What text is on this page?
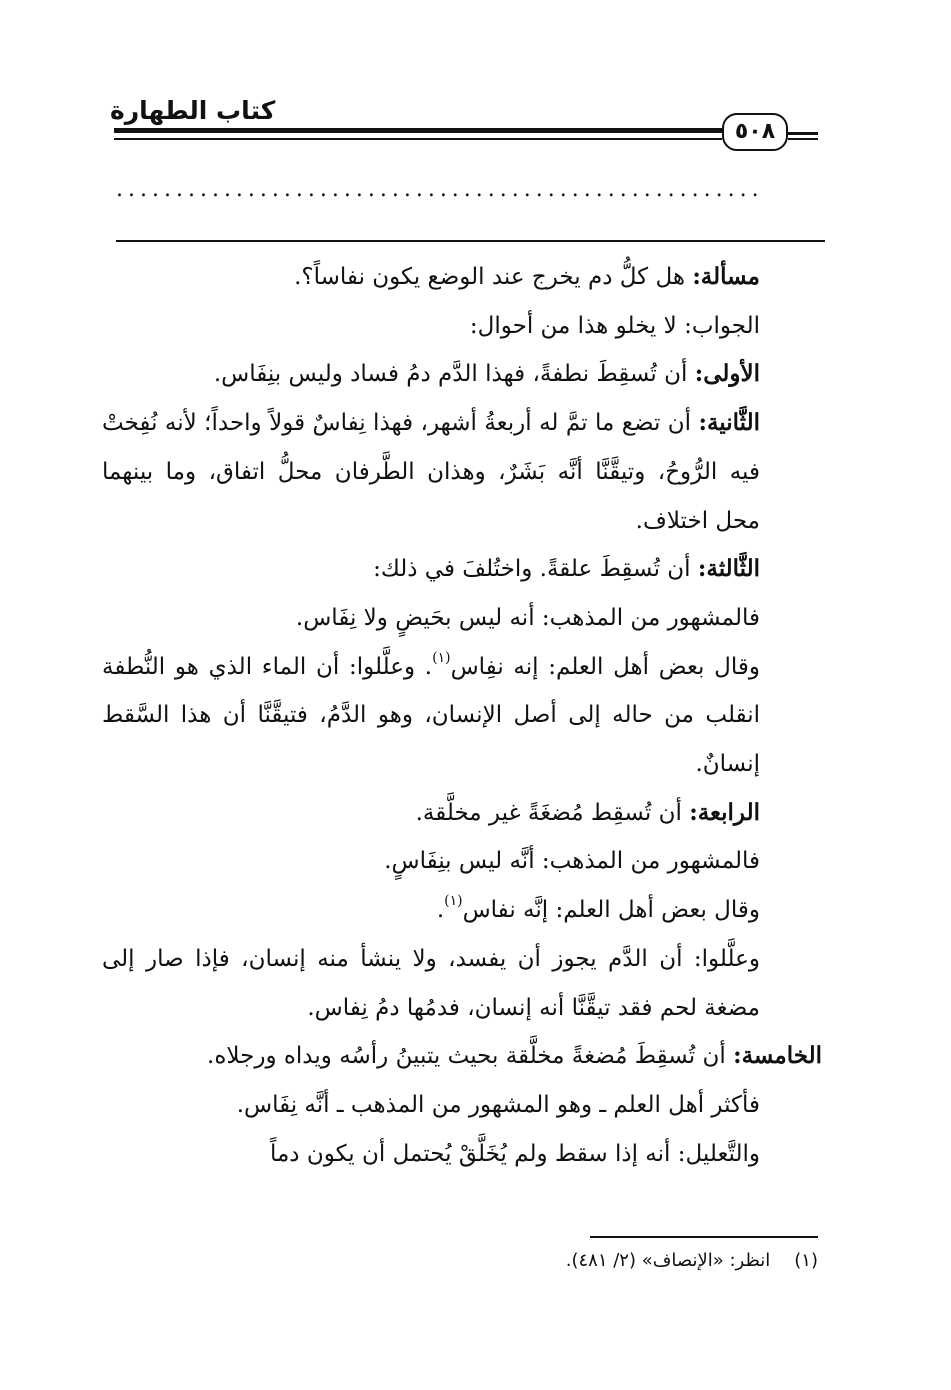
كتاب الطهارة
٥٠٨
......................................................

مسألة: هل كلُّ دم يخرج عند الوضع يكون نفاساً؟.

الجواب: لا يخلو هذا من أحوال:

الأولى: أن تُسقِطَ نطفةً، فهذا الدَّم دمُ فساد وليس بنِفَاس.

الثَّانية: أن تضع ما تمَّ له أربعةُ أشهر، فهذا نِفاسٌ قولاً واحداً؛ لأنه نُفِختْ فيه الرُّوحُ، وتيقَّنَّا أنَّه بَشَرٌ، وهذان الطَّرفان محلُّ اتفاق، وما بينهما محل اختلاف.

الثَّالثة: أن تُسقِطَ علقةً. واختُلفَ في ذلك:

فالمشهور من المذهب: أنه ليس بحَيضٍ ولا نِفَاس.

وقال بعض أهل العلم: إنه نفِاس$^{(١)}$. وعلَّلوا: أن الماء الذي هو النُّطفة انقلب من حاله إلى أصل الإنسان، وهو الدَّمُ، فتيقَّنَّا أن هذا السَّقط إنسانٌ.

الرابعة: أن تُسقِط مُضغَةً غير مخلَّقة.

فالمشهور من المذهب: أنَّه ليس بنِفَاسٍ.

وقال بعض أهل العلم: إنَّه نفاس$^{(١)}$.

وعلَّلوا: أن الدَّم يجوز أن يفسد، ولا ينشأ منه إنسان، فإذا صار إلى مضغة لحم فقد تيقَّنَّا أنه إنسان، فدمُها دمُ نِفاس.

الخامسة: أن تُسقِطَ مُضغةً مخلَّقة بحيث يتبينُ رأسُه ويداه ورجلاه.

فأكثر أهل العلم ـ وهو المشهور من المذهب ـ أنَّه نِفَاس.

والتَّعليل: أنه إذا سقط ولم يُخَلَّقْ يُحتمل أن يكون دماً

(١)انظر: «الإنصاف» (٢/ ٤٨١).
